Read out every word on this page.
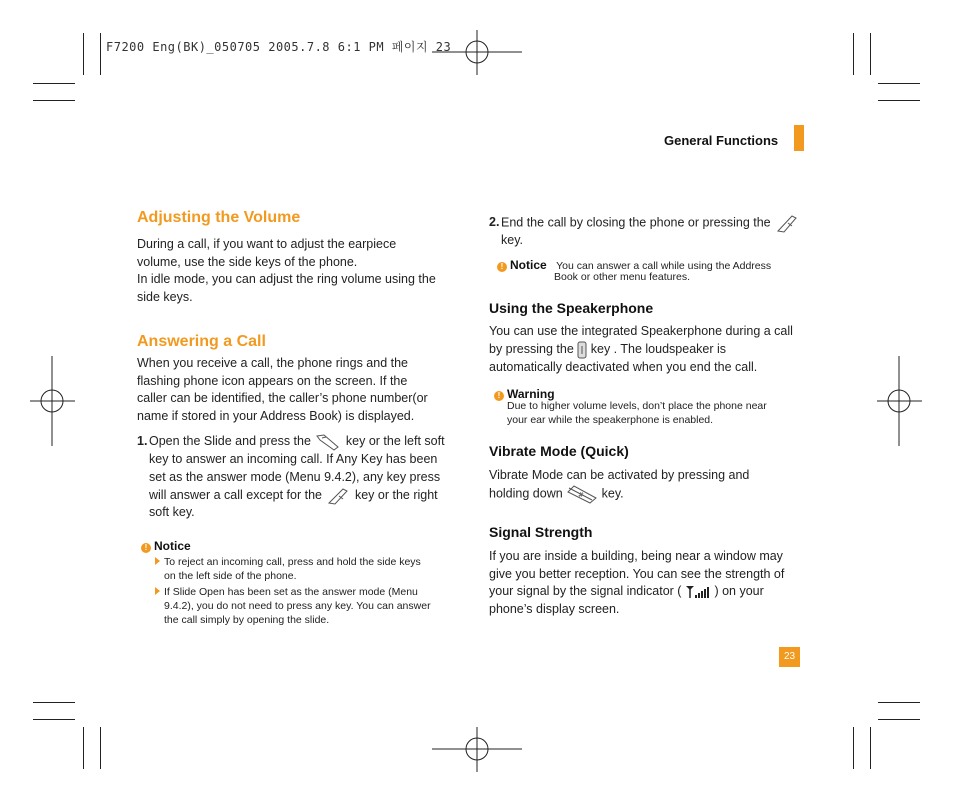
F7200 Eng(BK)_050705 2005.7.8 6:1 PM 페이지 23
General Functions
Adjusting the Volume
During a call, if you want to adjust the earpiece
volume, use the side keys of the phone.
In idle mode, you can adjust the ring volume using the
side keys.
Answering a Call
When you receive a call, the phone rings and the
flashing phone icon appears on the screen. If the
caller can be identified, the caller’s phone number(or
name if stored in your Address Book) is displayed.
1. Open the Slide and press the	key or the left soft
key to answer an incoming call. If Any Key has been
set as the answer mode (Menu 9.4.2), any key press
will answer a call except for the	key or the right
soft key.
! Notice
To reject an incoming call, press and hold the side keys
on the left side of the phone.
If Slide Open has been set as the answer mode (Menu
9.4.2), you do not need to press any key. You can answer
the call simply by opening the slide.
2. End the call by closing the phone or pressing the
key.
! Notice You can answer a call while using the Address
Book or other menu features.
Using the Speakerphone
You can use the integrated Speakerphone during a call
by pressing the key . The loudspeaker is
automatically deactivated when you end the call.
! Warning
Due to higher volume levels, don’t place the phone near
your ear while the speakerphone is enabled.
Vibrate Mode (Quick)
Vibrate Mode can be activated by pressing and
holding down # key.
Signal Strength
If you are inside a building, being near a window may
give you better reception. You can see the strength of
your signal by the signal indicator (	) on your
phone’s display screen.
23
